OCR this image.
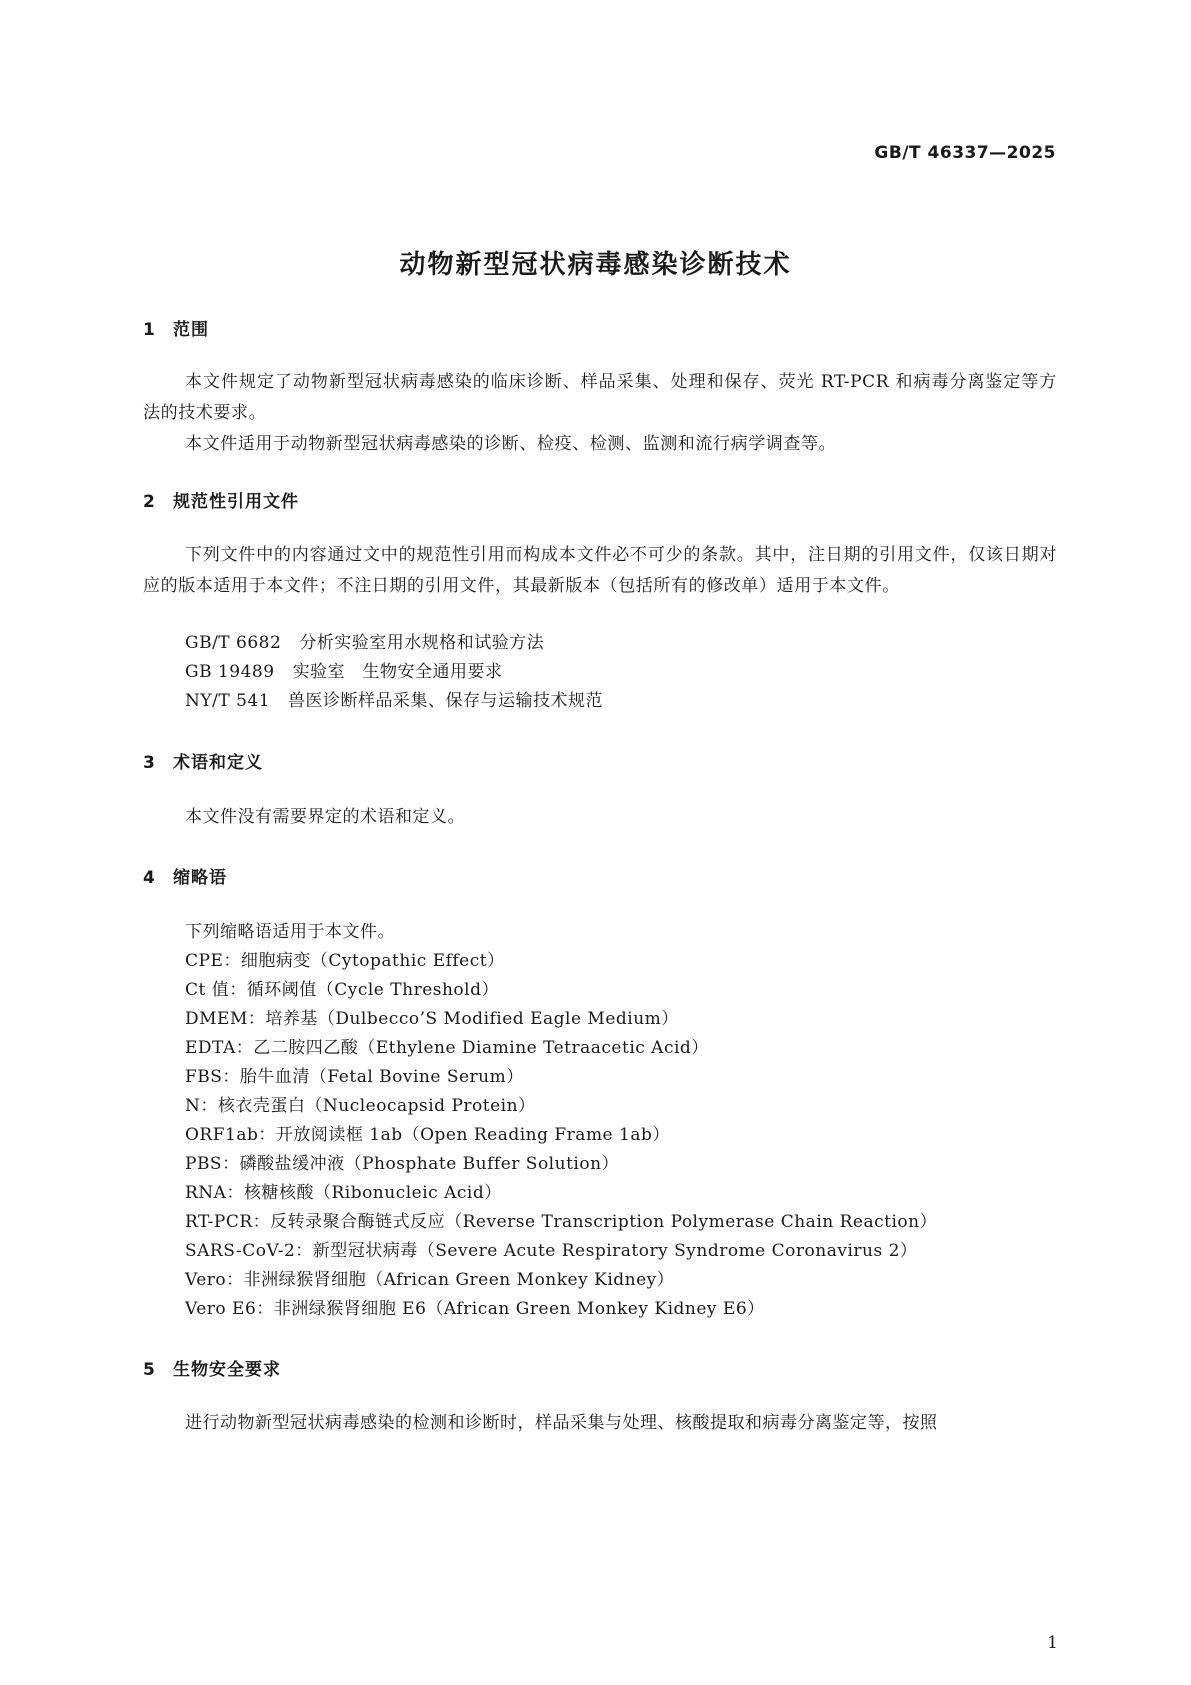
GB/T 46337—2025
动物新型冠状病毒感染诊断技术
1 范围
本文件规定了动物新型冠状病毒感染的临床诊断、样品采集、处理和保存、荧光 RT-PCR 和病毒分离鉴定等方法的技术要求。
本文件适用于动物新型冠状病毒感染的诊断、检疫、检测、监测和流行病学调查等。
2 规范性引用文件
下列文件中的内容通过文中的规范性引用而构成本文件必不可少的条款。其中，注日期的引用文件，仅该日期对应的版本适用于本文件；不注日期的引用文件，其最新版本（包括所有的修改单）适用于本文件。
GB/T 6682 分析实验室用水规格和试验方法
GB 19489 实验室　生物安全通用要求
NY/T 541 兽医诊断样品采集、保存与运输技术规范
3 术语和定义
本文件没有需要界定的术语和定义。
4 缩略语
下列缩略语适用于本文件。
CPE：细胞病变（Cytopathic Effect）
Ct 值：循环阈值（Cycle Threshold）
DMEM：培养基（Dulbecco’S Modified Eagle Medium）
EDTA：乙二胺四乙酸（Ethylene Diamine Tetraacetic Acid）
FBS：胎牛血清（Fetal Bovine Serum）
N：核衣壳蛋白（Nucleocapsid Protein）
ORF1ab：开放阅读框 1ab（Open Reading Frame 1ab）
PBS：磷酸盐缓冲液（Phosphate Buffer Solution）
RNA：核糖核酸（Ribonucleic Acid）
RT-PCR：反转录聚合酶链式反应（Reverse Transcription Polymerase Chain Reaction）
SARS-CoV-2：新型冠状病毒（Severe Acute Respiratory Syndrome Coronavirus 2）
Vero：非洲绿猴肾细胞（African Green Monkey Kidney）
Vero E6：非洲绿猴肾细胞 E6（African Green Monkey Kidney E6）
5 生物安全要求
进行动物新型冠状病毒感染的检测和诊断时，样品采集与处理、核酸提取和病毒分离鉴定等，按照
1
